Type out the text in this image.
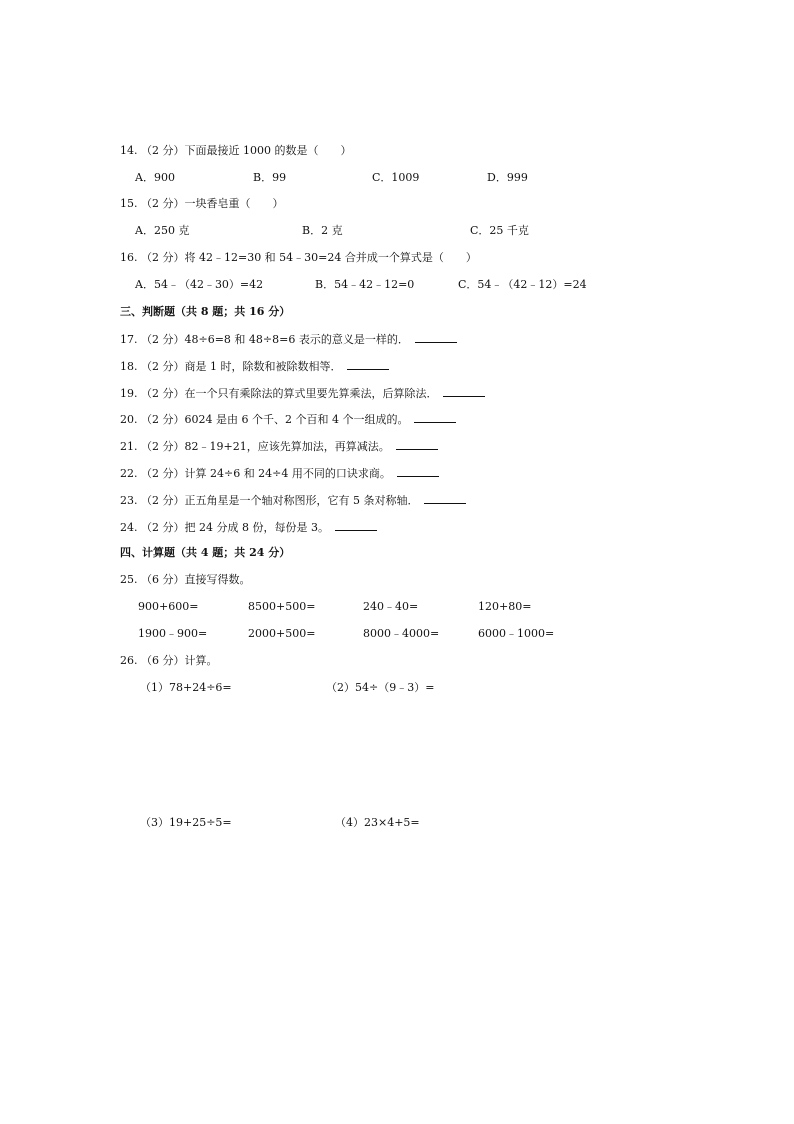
14. （2 分）下面最接近 1000 的数是（　　）
A．900	B．99	C．1009	D．999
15. （2 分）一块香皂重（　　）
A．250 克	B．2 克	C．25 千克
16. （2 分）将 42﹣12=30 和 54﹣30=24 合并成一个算式是（　　）
A．54﹣（42﹣30）=42	B．54﹣42﹣12=0	C．54﹣（42﹣12）=24
三、判断题（共 8 题；共 16 分）
17. （2 分）48÷6=8 和 48÷8=6 表示的意义是一样的．
18. （2 分）商是 1 时，除数和被除数相等．
19. （2 分）在一个只有乘除法的算式里要先算乘法，后算除法．
20. （2 分）6024 是由 6 个千、2 个百和 4 个一组成的。
21. （2 分）82﹣19+21，应该先算加法，再算减法。
22. （2 分）计算 24÷6 和 24÷4 用不同的口诀求商。
23. （2 分）正五角星是一个轴对称图形，它有 5 条对称轴．
24. （2 分）把 24 分成 8 份，每份是 3。
四、计算题（共 4 题；共 24 分）
25. （6 分）直接写得数。
900+600=	8500+500=	240﹣40=	120+80=
1900﹣900=	2000+500=	8000﹣4000=	6000﹣1000=
26. （6 分）计算。
（1）78+24÷6=	（2）54÷（9﹣3）=
（3）19+25÷5=	（4）23×4+5=
